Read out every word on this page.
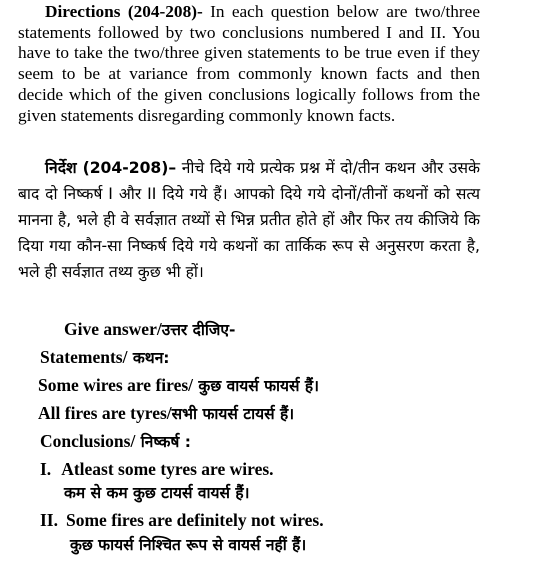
Directions (204-208)- In each question below are two/three statements followed by two conclusions numbered I and II. You have to take the two/three given statements to be true even if they seem to be at variance from commonly known facts and then decide which of the given conclusions logically follows from the given statements disregarding commonly known facts.

निर्देश (204-208)– नीचे दिये गये प्रत्येक प्रश्न में दो/तीन कथन और उसके बाद दो निष्कर्ष I और II दिये गये हैं। आपको दिये गये दोनों/तीनों कथनों को सत्य मानना है, भले ही वे सर्वज्ञात तथ्यों से भिन्न प्रतीत होते हों और फिर तय कीजिये कि दिया गया कौन-सा निष्कर्ष दिये गये कथनों का तार्किक रूप से अनुसरण करता है, भले ही सर्वज्ञात तथ्य कुछ भी हों।

Give answer/उत्तर दीजिए-
Statements/ कथन:
Some wires are fires/ कुछ वायर्स फायर्स हैं।
All fires are tyres/सभी फायर्स टायर्स हैं।
Conclusions/ निष्कर्ष :
I. Atleast some tyres are wires.
कम से कम कुछ टायर्स वायर्स हैं।
II. Some fires are definitely not wires.
कुछ फायर्स निश्चित रूप से वायर्स नहीं हैं।
